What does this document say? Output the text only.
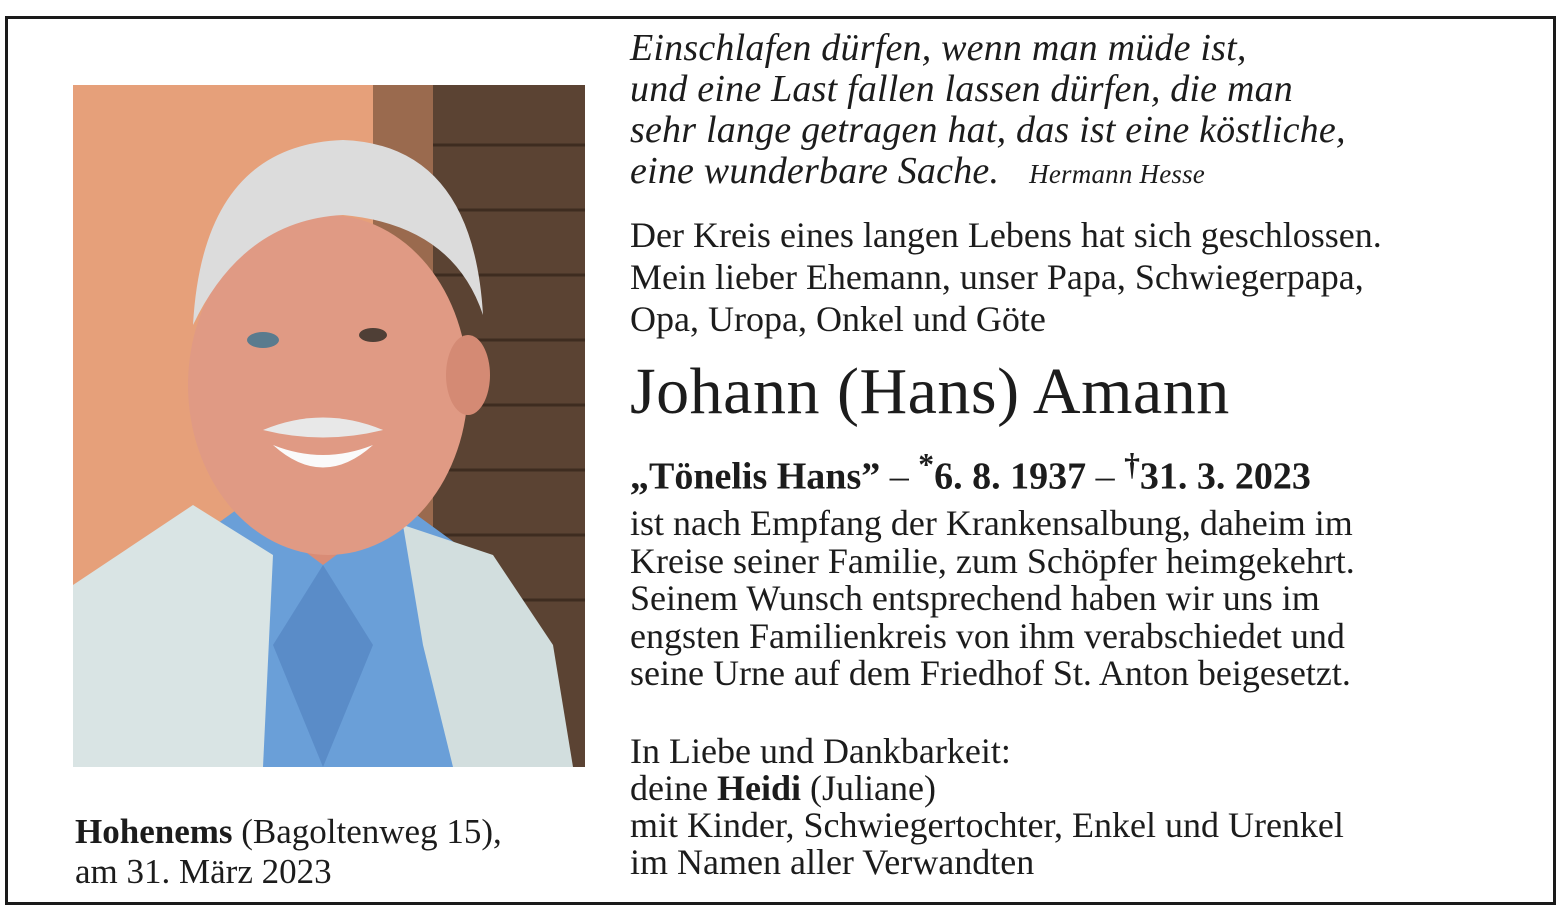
Einschlafen dürfen, wenn man müde ist,
und eine Last fallen lassen dürfen, die man
sehr lange getragen hat, das ist eine köstliche,
eine wunderbare Sache. Hermann Hesse
Der Kreis eines langen Lebens hat sich geschlossen.
Mein lieber Ehemann, unser Papa, Schwiegerpapa,
Opa, Uropa, Onkel und Göte
Johann (Hans) Amann
„Tönelis Hans” – *6. 8. 1937 – †31. 3. 2023
ist nach Empfang der Krankensalbung, daheim im
Kreise seiner Familie, zum Schöpfer heimgekehrt.
Seinem Wunsch entsprechend haben wir uns im
engsten Familienkreis von ihm verabschiedet und
seine Urne auf dem Friedhof St. Anton beigesetzt.
In Liebe und Dankbarkeit:
deine Heidi (Juliane)
mit Kinder, Schwiegertochter, Enkel und Urenkel
im Namen aller Verwandten
Hohenems (Bagoltenweg 15),
am 31. März 2023
